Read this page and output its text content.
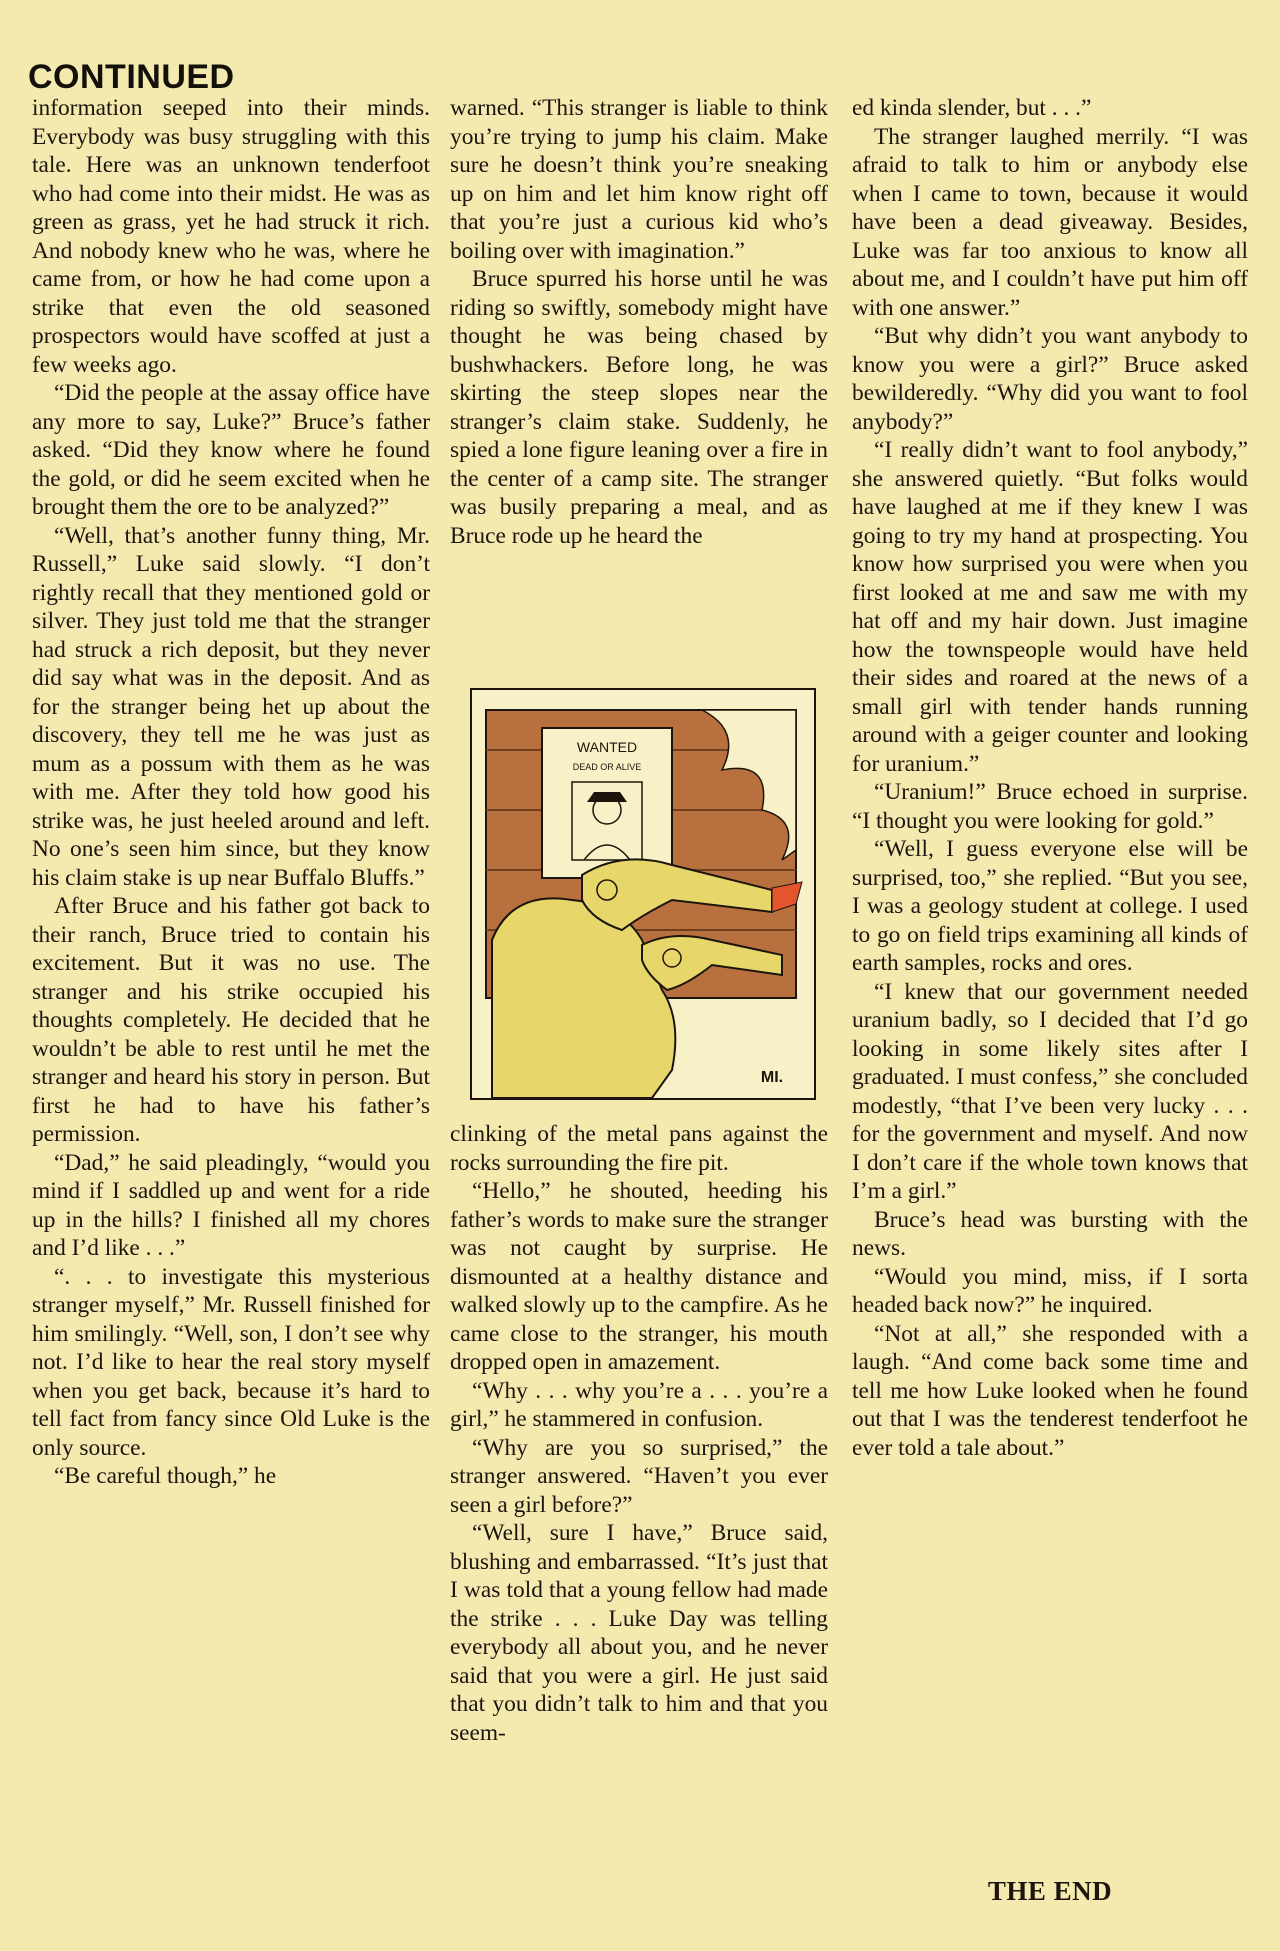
CONTINUED

information seeped into their minds. Everybody was busy struggling with this tale. Here was an unknown tenderfoot who had come into their midst. He was as green as grass, yet he had struck it rich. And nobody knew who he was, where he came from, or how he had come upon a strike that even the old seasoned prospectors would have scoffed at just a few weeks ago.

“Did the people at the assay office have any more to say, Luke?” Bruce’s father asked. “Did they know where he found the gold, or did he seem excited when he brought them the ore to be analyzed?”

“Well, that’s another funny thing, Mr. Russell,” Luke said slowly. “I don’t rightly recall that they mentioned gold or silver. They just told me that the stranger had struck a rich deposit, but they never did say what was in the deposit. And as for the stranger being het up about the discovery, they tell me he was just as mum as a possum with them as he was with me. After they told how good his strike was, he just heeled around and left. No one’s seen him since, but they know his claim stake is up near Buffalo Bluffs.”

After Bruce and his father got back to their ranch, Bruce tried to contain his excitement. But it was no use. The stranger and his strike occupied his thoughts completely. He decided that he wouldn’t be able to rest until he met the stranger and heard his story in person. But first he had to have his father’s permission.

“Dad,” he said pleadingly, “would you mind if I saddled up and went for a ride up in the hills? I finished all my chores and I’d like . . .”

“. . . to investigate this mysterious stranger myself,” Mr. Russell finished for him smilingly. “Well, son, I don’t see why not. I’d like to hear the real story myself when you get back, because it’s hard to tell fact from fancy since Old Luke is the only source.

“Be careful though,” he

warned. “This stranger is liable to think you’re trying to jump his claim. Make sure he doesn’t think you’re sneaking up on him and let him know right off that you’re just a curious kid who’s boiling over with imagination.”

Bruce spurred his horse until he was riding so swiftly, somebody might have thought he was being chased by bushwhackers. Before long, he was skirting the steep slopes near the stranger’s claim stake. Suddenly, he spied a lone figure leaning over a fire in the center of a camp site. The stranger was busily preparing a meal, and as Bruce rode up he heard the

WANTED
DEAD OR ALIVE
MI.

clinking of the metal pans against the rocks surrounding the fire pit.

“Hello,” he shouted, heeding his father’s words to make sure the stranger was not caught by surprise. He dismounted at a healthy distance and walked slowly up to the campfire. As he came close to the stranger, his mouth dropped open in amazement.

“Why . . . why you’re a . . . you’re a girl,” he stammered in confusion.

“Why are you so surprised,” the stranger answered. “Haven’t you ever seen a girl before?”

“Well, sure I have,” Bruce said, blushing and embarrassed. “It’s just that I was told that a young fellow had made the strike . . . Luke Day was telling everybody all about you, and he never said that you were a girl. He just said that you didn’t talk to him and that you seem-

ed kinda slender, but . . .”

The stranger laughed merrily. “I was afraid to talk to him or anybody else when I came to town, because it would have been a dead giveaway. Besides, Luke was far too anxious to know all about me, and I couldn’t have put him off with one answer.”

“But why didn’t you want anybody to know you were a girl?” Bruce asked bewilderedly. “Why did you want to fool anybody?”

“I really didn’t want to fool anybody,” she answered quietly. “But folks would have laughed at me if they knew I was going to try my hand at prospecting. You know how surprised you were when you first looked at me and saw me with my hat off and my hair down. Just imagine how the townspeople would have held their sides and roared at the news of a small girl with tender hands running around with a geiger counter and looking for uranium.”

“Uranium!” Bruce echoed in surprise. “I thought you were looking for gold.”

“Well, I guess everyone else will be surprised, too,” she replied. “But you see, I was a geology student at college. I used to go on field trips examining all kinds of earth samples, rocks and ores.

“I knew that our government needed uranium badly, so I decided that I’d go looking in some likely sites after I graduated. I must confess,” she concluded modestly, “that I’ve been very lucky . . . for the government and myself. And now I don’t care if the whole town knows that I’m a girl.”

Bruce’s head was bursting with the news.

“Would you mind, miss, if I sorta headed back now?” he inquired.

“Not at all,” she responded with a laugh. “And come back some time and tell me how Luke looked when he found out that I was the tenderest tenderfoot he ever told a tale about.”

THE END
